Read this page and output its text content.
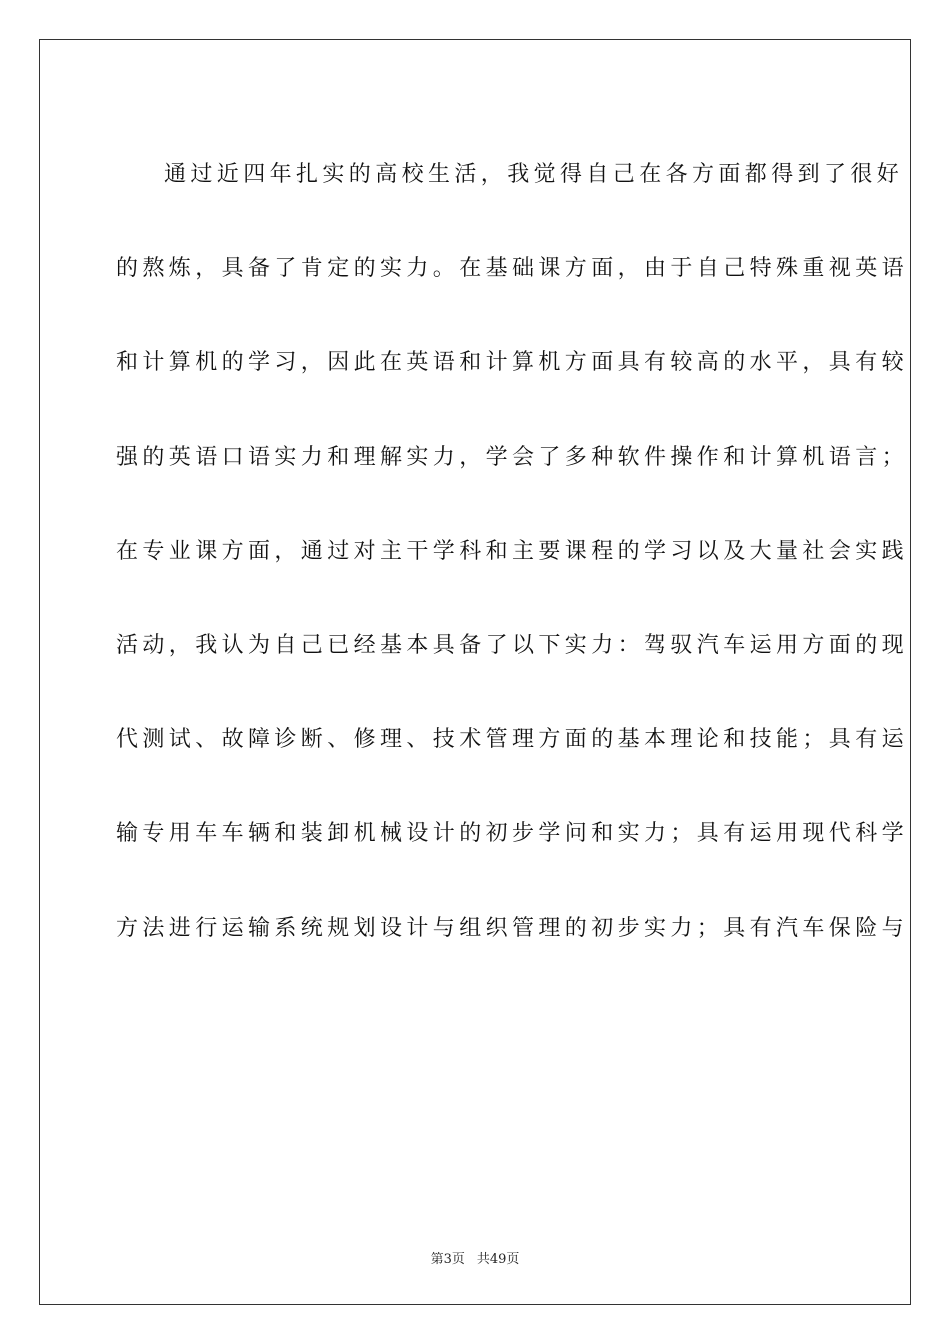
通过近四年扎实的高校生活，我觉得自己在各方面都得到了很好
的熬炼，具备了肯定的实力。在基础课方面，由于自己特殊重视英语
和计算机的学习，因此在英语和计算机方面具有较高的水平，具有较
强的英语口语实力和理解实力，学会了多种软件操作和计算机语言；
在专业课方面，通过对主干学科和主要课程的学习以及大量社会实践
活动，我认为自己已经基本具备了以下实力：驾驭汽车运用方面的现
代测试、故障诊断、修理、技术管理方面的基本理论和技能；具有运
输专用车车辆和装卸机械设计的初步学问和实力；具有运用现代科学
方法进行运输系统规划设计与组织管理的初步实力；具有汽车保险与
第3页 共49页
